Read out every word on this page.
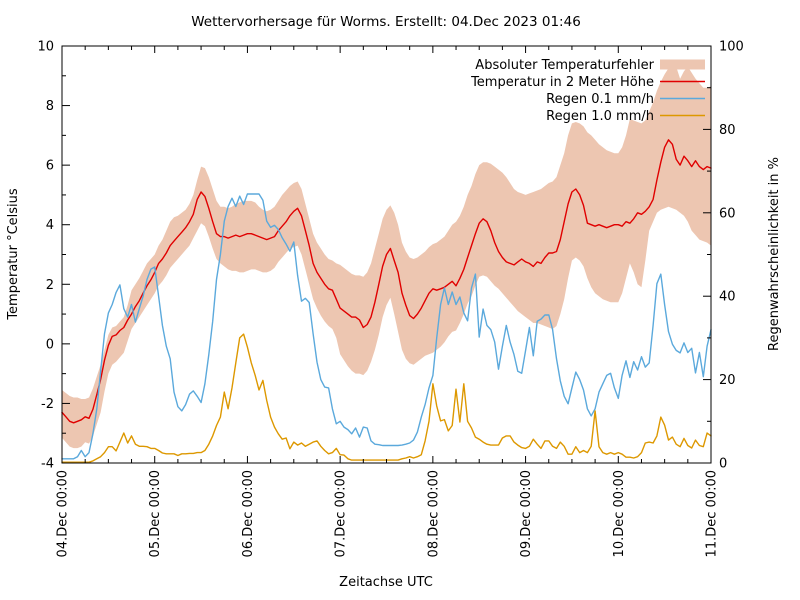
04.Dec 00:00	05.Dec 00:00	06.Dec 00:00	07.Dec 00:00	08.Dec 00:00	09.Dec 00:00	10.Dec 00:00	11.Dec 00:00
10
8
6
4
2
0
-2
-4
100
80
60
40
20
0
Wettervorhersage für Worms. Erstellt: 04.Dec 2023 01:46
Temperatur °Celsius	Regenwahrscheinlichkeit in %
Zeitachse UTC
Absoluter Temperaturfehler
Temperatur in 2 Meter Höhe
Regen 0.1 mm/h
Regen 1.0 mm/h
